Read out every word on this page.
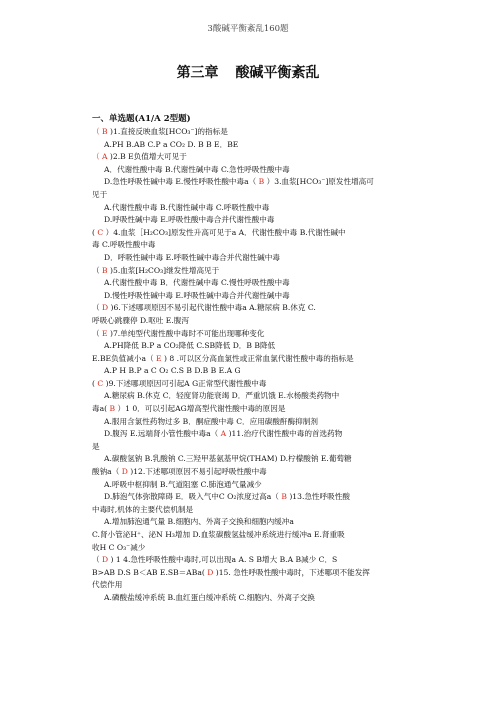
3酸碱平衡紊乱160题
第三章 酸碱平衡紊乱
一、单选题(A1/A 2型题)
（ B )1.直接反映血浆[HCO₃⁻]的指标是
A.PH B.AB C.P a CO₂ D. B B E．BE
（ A )2.B E负值增大可见于
A．代谢性酸中毒 B.代谢性碱中毒 C.急性呼吸性酸中毒
D.急性呼吸性碱中毒 E.慢性呼吸性酸中毒a（ B ）3.血浆[HCO₃⁻]原发性增高可
见于
A.代谢性酸中毒 B.代谢性碱中毒 C.呼吸性酸中毒
D.呼吸性碱中毒 E.呼吸性酸中毒合并代谢性酸中毒
( C ）4.血浆［H₂CO₃]原发性升高可见于a A．代谢性酸中毒 B.代谢性碱中
毒 C.呼吸性酸中毒
D．呼吸性碱中毒 E.呼吸性碱中毒合并代谢性碱中毒
（ B )5.血浆[H₂CO₃]继发性增高见于
A.代谢性酸中毒 B．代谢性碱中毒 C.慢性呼吸性酸中毒
D.慢性呼吸性碱中毒 E.呼吸性碱中毒合并代谢性碱中毒
（ D )6.下述哪项原因不易引起代谢性酸中毒a A.糖尿病 B.休克 C.
呼吸心跳骤停 D.呕吐 E.腹泻
（ E )7.单纯型代谢性酸中毒时不可能出现哪种变化
A.PH降低 B.P a CO₂降低 C.SB降低 D．B B降低
E.BE负值减小a（ E ) 8 .可以区分高血氯性或正常血氯代谢性酸中毒的指标是
A.P H B.P a C O₂ C.S B D.B B E.A G
( C )9.下述哪项原因可引起A G正常型代谢性酸中毒
A.糖尿病 B.休克 C．轻度肾功能衰竭 D．严重饥饿 E.水杨酸类药物中
毒a( B ）1 0．可以引起AG增高型代谢性酸中毒的原因是
A.服用含氯性药物过多 B．酮症酸中毒 C．应用碳酸酐酶抑制剂
D.腹泻 E.远端肾小管性酸中毒a（ A )11.治疗代谢性酸中毒的首选药物
是
A.碳酸氢钠 B.乳酸钠 C.三羟甲基氨基甲烷(THAM) D.柠檬酸钠 E.葡萄糖
酸钠a（ D )12.下述哪项原因不易引起呼吸性酸中毒
A.呼吸中枢抑制 B.气道阻塞 C.肺泡通气量减少
D.肺泡气体弥散障碍 E．吸入气中C O₂浓度过高a（ B )13.急性呼吸性酸
中毒时,机体的主要代偿机制是
A.增加肺泡通气量 B.细胞内、外离子交换和细胞内缓冲a
C.肾小管泌H⁺、泌N H₃增加 D.血浆碳酸氢盐缓冲系统进行缓冲a E.肾重吸
收H C O₃⁻减少
（ D ) 1 4.急性呼吸性酸中毒时,可以出现a A. S B增大 B.A B减少 C．S
B>AB D.S B＜AB E.SB＝ABa( D )15. 急性呼吸性酸中毒时，下述哪项不能发挥
代偿作用
A.磷酸盐缓冲系统 B.血红蛋白缓冲系统 C.细胞内、外离子交换
